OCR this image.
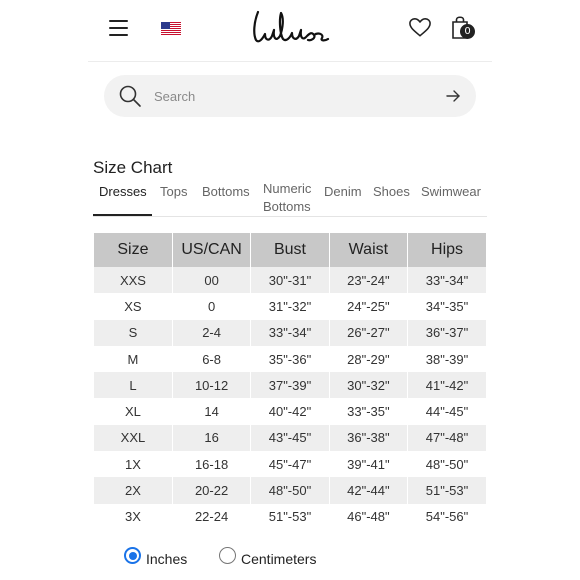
0
Search
Size Chart
Dresses Tops Bottoms Numeric
Bottoms
Denim Shoes Swimwear
Size	US/CAN	Bust	Waist	Hips
XXS	00	30"-31"	23"-24"	33"-34"
XS	0	31"-32"	24"-25"	34"-35"
S	2-4	33"-34"	26"-27"	36"-37"
M	6-8	35"-36"	28"-29"	38"-39"
L	10-12	37"-39"	30"-32"	41"-42"
XL	14	40"-42"	33"-35"	44"-45"
XXL	16	43"-45"	36"-38"	47"-48"
1X	16-18	45"-47"	39"-41"	48"-50"
2X	20-22	48"-50"	42"-44"	51"-53"
3X	22-24	51"-53"	46"-48"	54"-56"
Inches	Centimeters
